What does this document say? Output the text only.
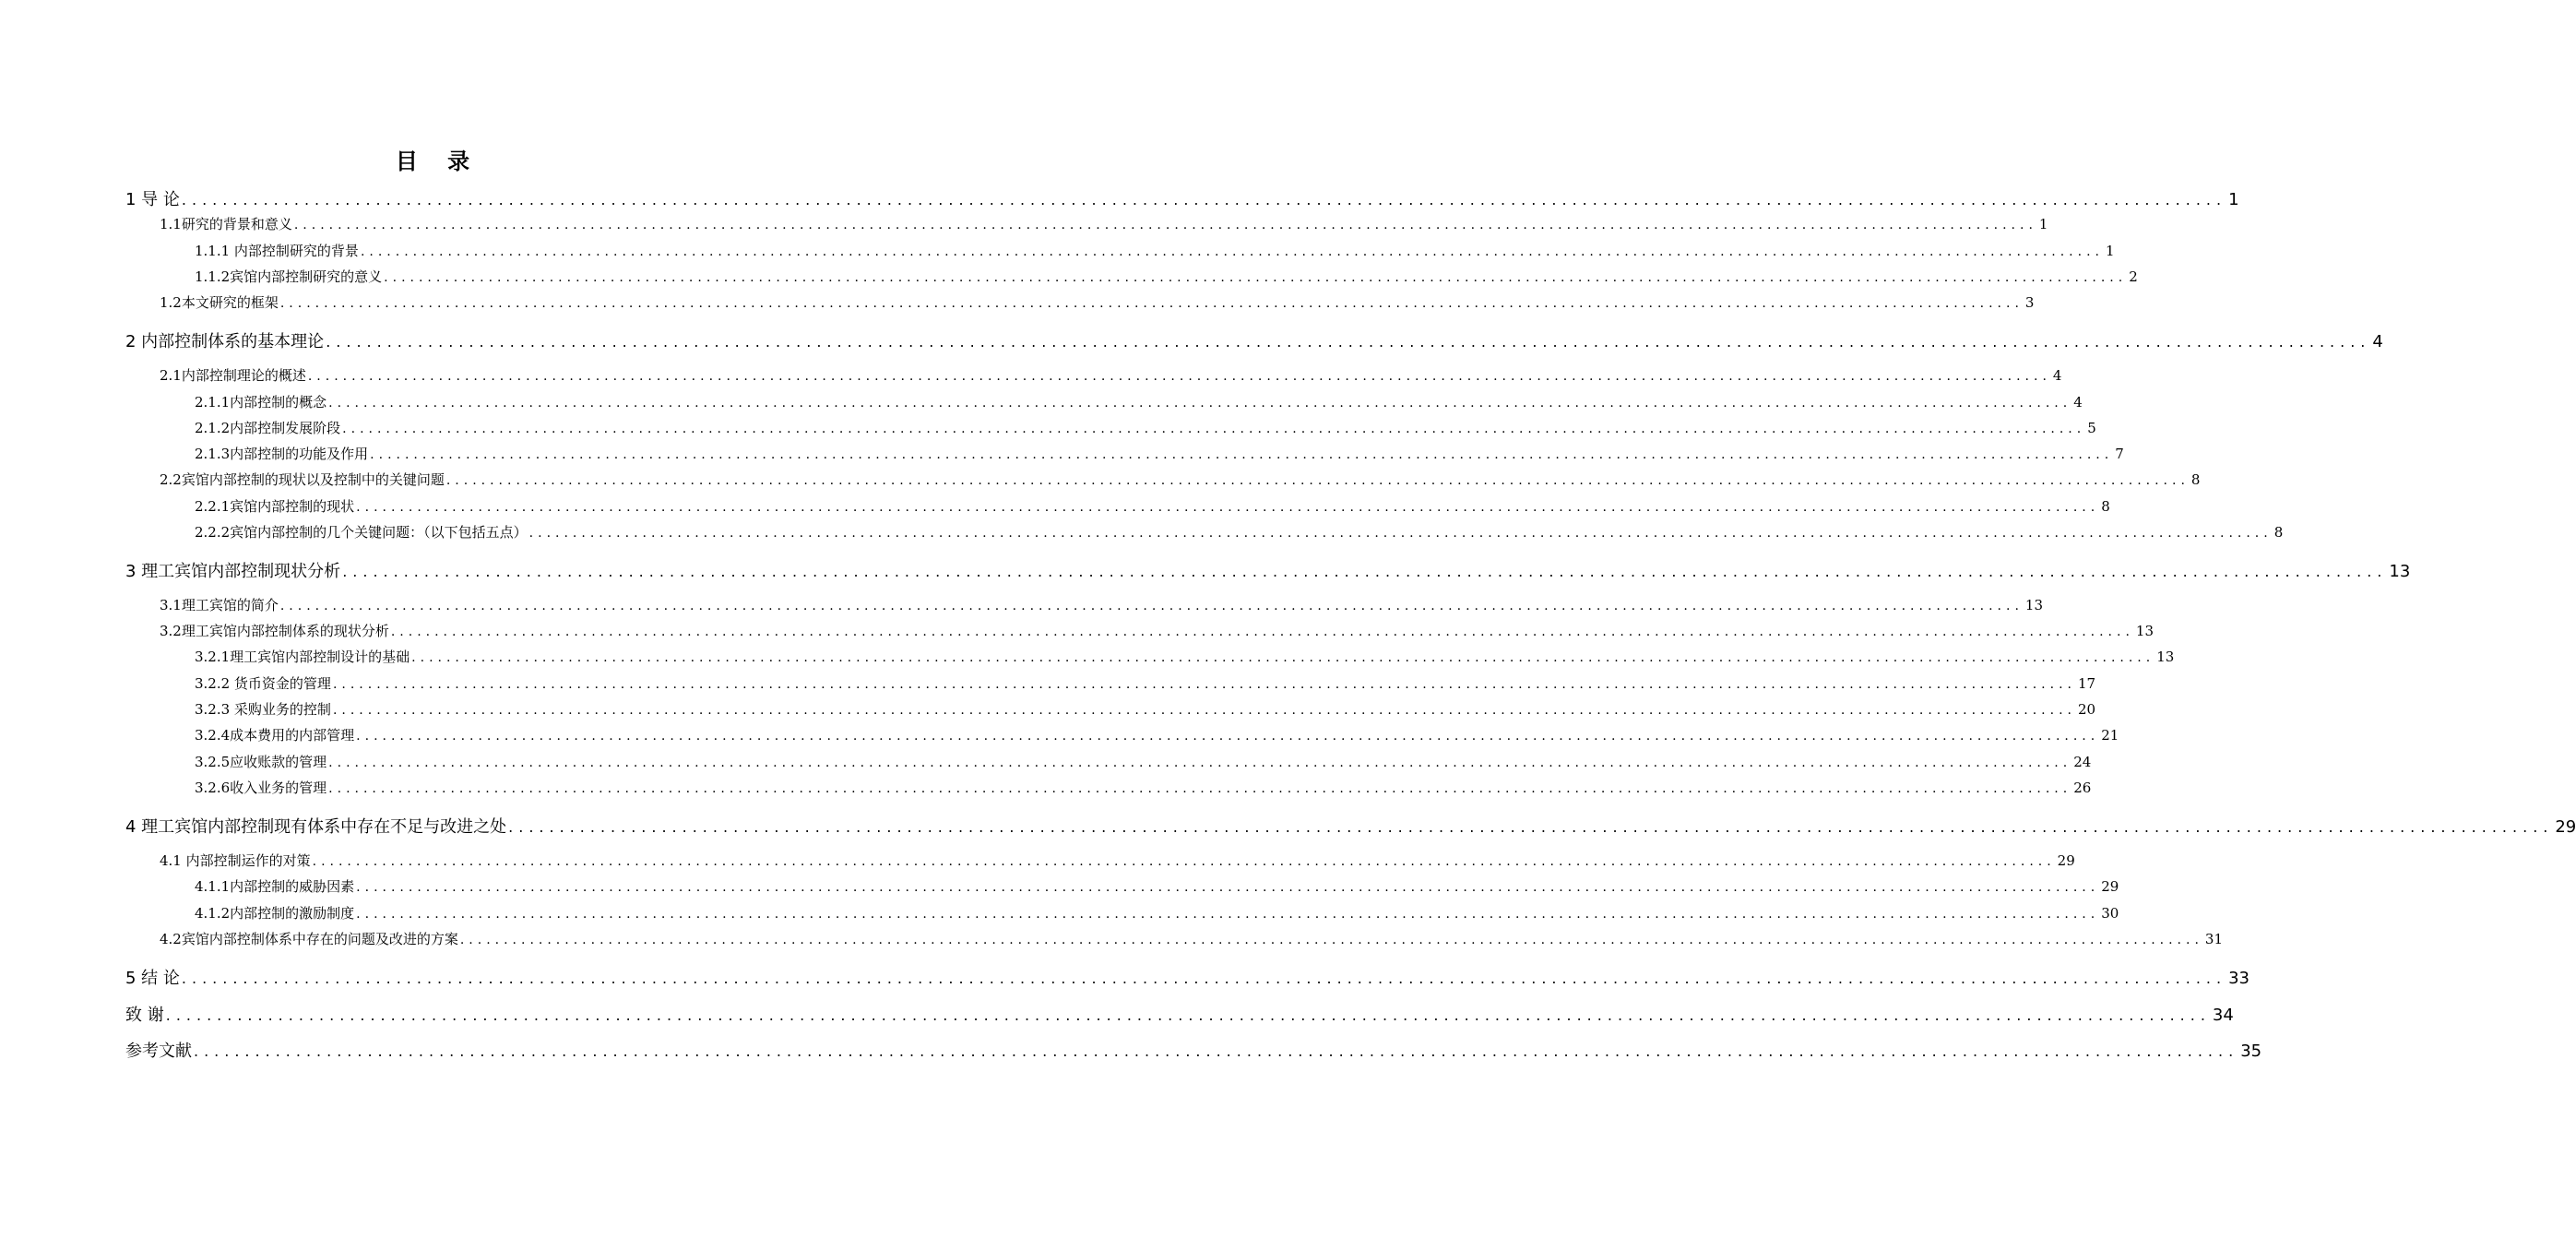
目 录
1 导 论 ........................................................................................................................................................................................................ 1
1.1研究的背景和意义 ........................................................................................................................................................................................................ 1
1.1.1 内部控制研究的背景 ........................................................................................................................................................................................................ 1
1.1.2宾馆内部控制研究的意义 ........................................................................................................................................................................................................ 2
1.2本文研究的框架 ........................................................................................................................................................................................................ 3
2 内部控制体系的基本理论 ........................................................................................................................................................................................................ 4
2.1内部控制理论的概述 ........................................................................................................................................................................................................ 4
2.1.1内部控制的概念 ........................................................................................................................................................................................................ 4
2.1.2内部控制发展阶段 ........................................................................................................................................................................................................ 5
2.1.3内部控制的功能及作用 ........................................................................................................................................................................................................ 7
2.2宾馆内部控制的现状以及控制中的关键问题 ........................................................................................................................................................................................................ 8
2.2.1宾馆内部控制的现状 ........................................................................................................................................................................................................ 8
2.2.2宾馆内部控制的几个关键问题：（以下包括五点） ........................................................................................................................................................................................................ 8
3 理工宾馆内部控制现状分析 ........................................................................................................................................................................................................ 13
3.1理工宾馆的简介 ........................................................................................................................................................................................................ 13
3.2理工宾馆内部控制体系的现状分析 ........................................................................................................................................................................................................ 13
3.2.1理工宾馆内部控制设计的基础 ........................................................................................................................................................................................................ 13
3.2.2 货币资金的管理 ........................................................................................................................................................................................................ 17
3.2.3 采购业务的控制 ........................................................................................................................................................................................................ 20
3.2.4成本费用的内部管理 ........................................................................................................................................................................................................ 21
3.2.5应收账款的管理 ........................................................................................................................................................................................................ 24
3.2.6收入业务的管理 ........................................................................................................................................................................................................ 26
4 理工宾馆内部控制现有体系中存在不足与改进之处 ........................................................................................................................................................................................................ 29
4.1 内部控制运作的对策 ........................................................................................................................................................................................................ 29
4.1.1内部控制的威胁因素 ........................................................................................................................................................................................................ 29
4.1.2内部控制的激励制度 ........................................................................................................................................................................................................ 30
4.2宾馆内部控制体系中存在的问题及改进的方案 ........................................................................................................................................................................................................ 31
5 结 论 ........................................................................................................................................................................................................ 33
致 谢 ........................................................................................................................................................................................................ 34
参考文献 ........................................................................................................................................................................................................ 35
